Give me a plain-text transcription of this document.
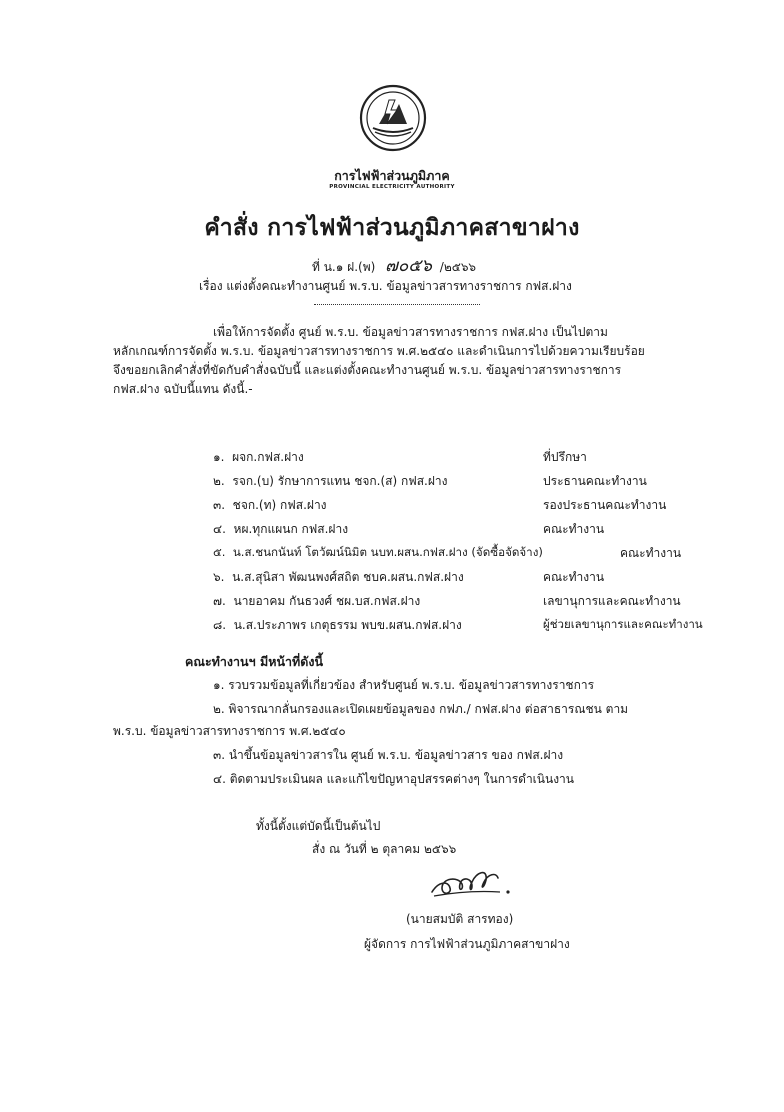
การไฟฟ้าส่วนภูมิภาค
PROVINCIAL ELECTRICITY AUTHORITY
คำสั่ง การไฟฟ้าส่วนภูมิภาคสาขาฝาง
ที่ น.๑ ฝ.(พ) ๗๐๕๖ /๒๕๖๖
เรื่อง แต่งตั้งคณะทำงานศูนย์ พ.ร.บ. ข้อมูลข่าวสารทางราชการ กฟส.ฝาง
เพื่อให้การจัดตั้ง ศูนย์ พ.ร.บ. ข้อมูลข่าวสารทางราชการ กฟส.ฝาง เป็นไปตาม
หลักเกณฑ์การจัดตั้ง พ.ร.บ. ข้อมูลข่าวสารทางราชการ พ.ศ.๒๕๔๐ และดำเนินการไปด้วยความเรียบร้อย
จึงขอยกเลิกคำสั่งที่ขัดกับคำสั่งฉบับนี้ และแต่งตั้งคณะทำงานศูนย์ พ.ร.บ. ข้อมูลข่าวสารทางราชการ
กฟส.ฝาง ฉบับนี้แทน ดังนี้.-
๑. ผจก.กฟส.ฝาง	ที่ปรึกษา
๒. รจก.(บ) รักษาการแทน ชจก.(ส) กฟส.ฝาง	ประธานคณะทำงาน
๓. ชจก.(ท) กฟส.ฝาง	รองประธานคณะทำงาน
๔. หผ.ทุกแผนก กฟส.ฝาง	คณะทำงาน
๕. น.ส.ชนกนันท์ โตวัฒน์นิมิต นบท.ผสน.กฟส.ฝาง (จัดซื้อจัดจ้าง)	คณะทำงาน
๖. น.ส.สุนิสา พัฒนพงศ์สถิต ชบค.ผสน.กฟส.ฝาง	คณะทำงาน
๗. นายอาคม กันธวงศ์ ชผ.บส.กฟส.ฝาง	เลขานุการและคณะทำงาน
๘. น.ส.ประภาพร เกตุธรรม พบข.ผสน.กฟส.ฝาง	ผู้ช่วยเลขานุการและคณะทำงาน
คณะทำงานฯ มีหน้าที่ดังนี้
๑. รวบรวมข้อมูลที่เกี่ยวข้อง สำหรับศูนย์ พ.ร.บ. ข้อมูลข่าวสารทางราชการ
๒. พิจารณากลั่นกรองและเปิดเผยข้อมูลของ กฟภ./ กฟส.ฝาง ต่อสาธารณชน ตาม
พ.ร.บ. ข้อมูลข่าวสารทางราชการ พ.ศ.๒๕๔๐
๓. นำขึ้นข้อมูลข่าวสารใน ศูนย์ พ.ร.บ. ข้อมูลข่าวสาร ของ กฟส.ฝาง
๔. ติดตามประเมินผล และแก้ไขปัญหาอุปสรรคต่างๆ ในการดำเนินงาน
ทั้งนี้ตั้งแต่บัดนี้เป็นต้นไป
สั่ง ณ วันที่ ๒ ตุลาคม ๒๕๖๖
(นายสมบัติ สารทอง)
ผู้จัดการ การไฟฟ้าส่วนภูมิภาคสาขาฝาง
